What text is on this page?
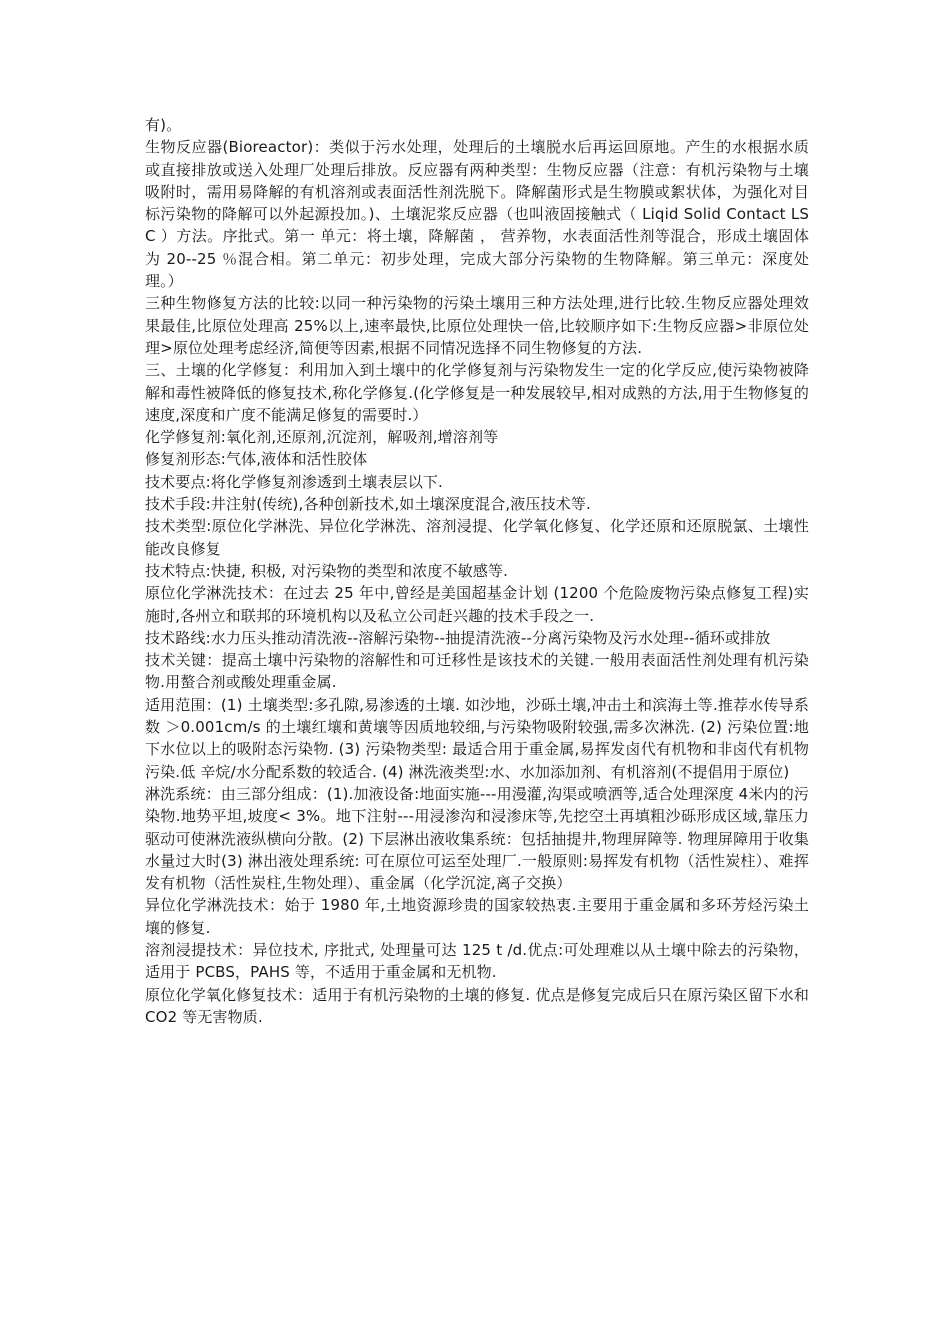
有)。

生物反应器(Bioreactor)：类似于污水处理，处理后的土壤脱水后再运回原地。产生的水根据水质或直接排放或送入处理厂处理后排放。反应器有两种类型：生物反应器（注意：有机污染物与土壤吸附时，需用易降解的有机溶剂或表面活性剂洗脱下。降解菌形式是生物膜或絮状体，为强化对目标污染物的降解可以外起源投加。)、土壤泥浆反应器（也叫液固接触式（ Liqid Solid Contact LSC ）方法。序批式。第一 单元：将土壤，降解菌 ， 营养物，水表面活性剂等混合，形成土壤固体为 20--25 ％混合相。第二单元：初步处理，完成大部分污染物的生物降解。第三单元：深度处理。）

三种生物修复方法的比较:以同一种污染物的污染土壤用三种方法处理,进行比较.生物反应器处理效果最佳,比原位处理高 25%以上,速率最快,比原位处理快一倍,比较顺序如下:生物反应器>非原位处理>原位处理考虑经济,简便等因素,根据不同情况选择不同生物修复的方法.

三、土壤的化学修复：利用加入到土壤中的化学修复剂与污染物发生一定的化学反应,使污染物被降解和毒性被降低的修复技术,称化学修复.(化学修复是一种发展较早,相对成熟的方法,用于生物修复的速度,深度和广度不能满足修复的需要时.）

化学修复剂:氧化剂,还原剂,沉淀剂，解吸剂,增溶剂等

修复剂形态:气体,液体和活性胶体

技术要点:将化学修复剂渗透到土壤表层以下.

技术手段:井注射(传统),各种创新技术,如土壤深度混合,液压技术等.

技术类型:原位化学淋洗、异位化学淋洗、溶剂浸提、化学氧化修复、化学还原和还原脱氯、土壤性能改良修复

技术特点:快捷, 积极, 对污染物的类型和浓度不敏感等.

原位化学淋洗技术：在过去 25 年中,曾经是美国超基金计划 (1200 个危险废物污染点修复工程)实施时,各州立和联邦的环境机构以及私立公司赶兴趣的技术手段之一.

技术路线:水力压头推动清洗液--溶解污染物--抽提清洗液--分离污染物及污水处理--循环或排放

技术关键：提高土壤中污染物的溶解性和可迁移性是该技术的关键.一般用表面活性剂处理有机污染物.用螯合剂或酸处理重金属.

适用范围：(1) 土壤类型:多孔隙,易渗透的土壤. 如沙地，沙砾土壤,冲击土和滨海土等.推荐水传导系数 ＞0.001cm/s 的土壤红壤和黄壤等因质地较细,与污染物吸附较强,需多次淋洗. (2) 污染位置:地下水位以上的吸附态污染物. (3) 污染物类型: 最适合用于重金属,易挥发卤代有机物和非卤代有机物污染.低 辛烷/水分配系数的较适合. (4) 淋洗液类型:水、水加添加剂、有机溶剂(不提倡用于原位)

淋洗系统：由三部分组成：(1).加液设备:地面实施---用漫灌,沟渠或喷洒等,适合处理深度 4米内的污染物.地势平坦,坡度< 3%。地下注射---用浸渗沟和浸渗床等,先挖空土再填粗沙砾形成区域,靠压力驱动可使淋洗液纵横向分散。(2) 下层淋出液收集系统：包括抽提井,物理屏障等. 物理屏障用于收集水量过大时(3) 淋出液处理系统: 可在原位可运至处理厂.一般原则:易挥发有机物（活性炭柱）、难挥发有机物（活性炭柱,生物处理）、重金属（化学沉淀,离子交换）

异位化学淋洗技术：始于 1980 年,土地资源珍贵的国家较热衷.主要用于重金属和多环芳烃污染土壤的修复.

溶剂浸提技术：异位技术, 序批式, 处理量可达 125 t /d.优点:可处理难以从土壤中除去的污染物，适用于 PCBS，PAHS 等，不适用于重金属和无机物.

原位化学氧化修复技术：适用于有机污染物的土壤的修复. 优点是修复完成后只在原污染区留下水和 CO2 等无害物质.
